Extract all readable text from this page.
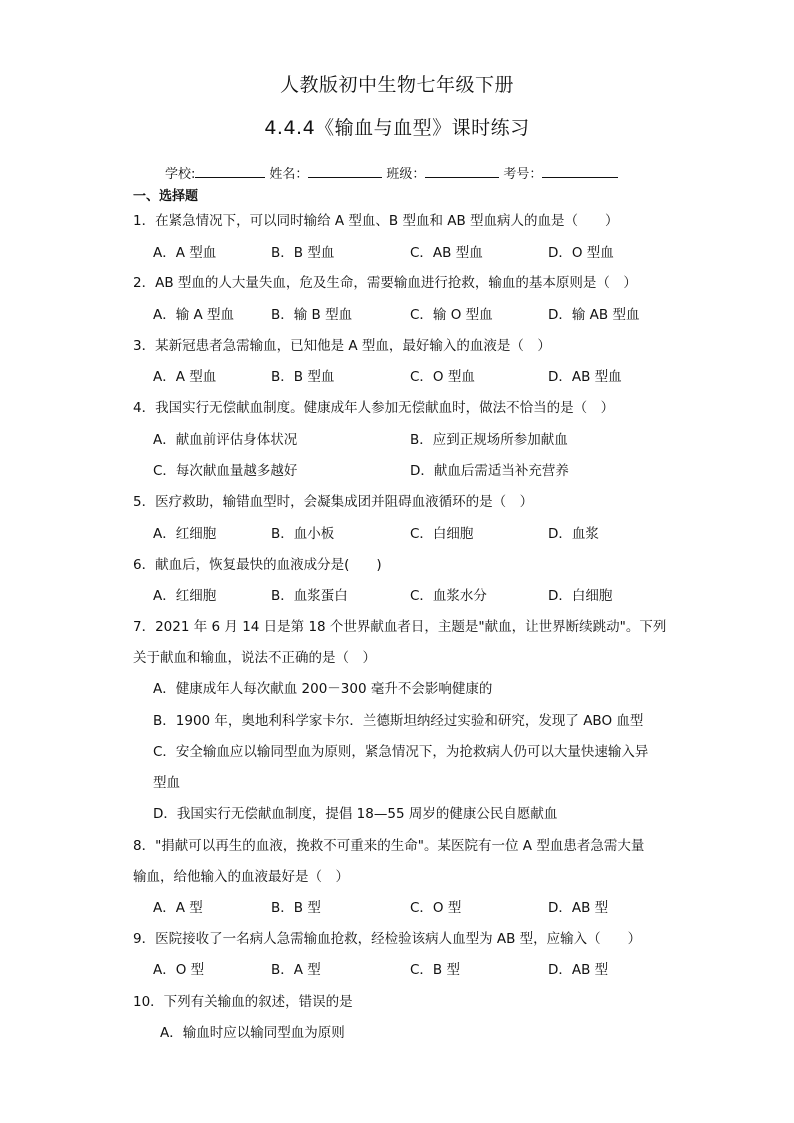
人教版初中生物七年级下册
4.4.4《输血与血型》课时练习
学校:	姓名：	班级：	考号：
一、选择题
1．在紧急情况下，可以同时输给 A 型血、B 型血和 AB 型血病人的血是（　　）
A．A 型血	B．B 型血	C．AB 型血	D．O 型血
2．AB 型血的人大量失血，危及生命，需要输血进行抢救，输血的基本原则是（　）
A．输 A 型血	B．输 B 型血	C．输 O 型血	D．输 AB 型血
3．某新冠患者急需输血，已知他是 A 型血，最好输入的血液是（　）
A．A 型血	B．B 型血	C．O 型血	D．AB 型血
4．我国实行无偿献血制度。健康成年人参加无偿献血时，做法不恰当的是（　）
A．献血前评估身体状况	B．应到正规场所参加献血
C．每次献血量越多越好	D．献血后需适当补充营养
5．医疗救助，输错血型时，会凝集成团并阻碍血液循环的是（　）
A．红细胞	B．血小板	C．白细胞	D．血浆
6．献血后，恢复最快的血液成分是(　　)
A．红细胞	B．血浆蛋白	C．血浆水分	D．白细胞
7．2021 年 6 月 14 日是第 18 个世界献血者日，主题是"献血，让世界断续跳动"。下列
关于献血和输血，说法不正确的是（　）
A．健康成年人每次献血 200－300 毫升不会影响健康的
B．1900 年，奥地利科学家卡尔．兰德斯坦纳经过实验和研究，发现了 ABO 血型
C．安全输血应以输同型血为原则，紧急情况下，为抢救病人仍可以大量快速输入异
型血
D．我国实行无偿献血制度，提倡 18—55 周岁的健康公民自愿献血
8．"捐献可以再生的血液，挽救不可重来的生命"。某医院有一位 A 型血患者急需大量
输血，给他输入的血液最好是（　）
A．A 型	B．B 型	C．O 型	D．AB 型
9．医院接收了一名病人急需输血抢救，经检验该病人血型为 AB 型，应输入（　　）
A．O 型	B．A 型	C．B 型	D．AB 型
10．下列有关输血的叙述，错误的是
A．输血时应以输同型血为原则
